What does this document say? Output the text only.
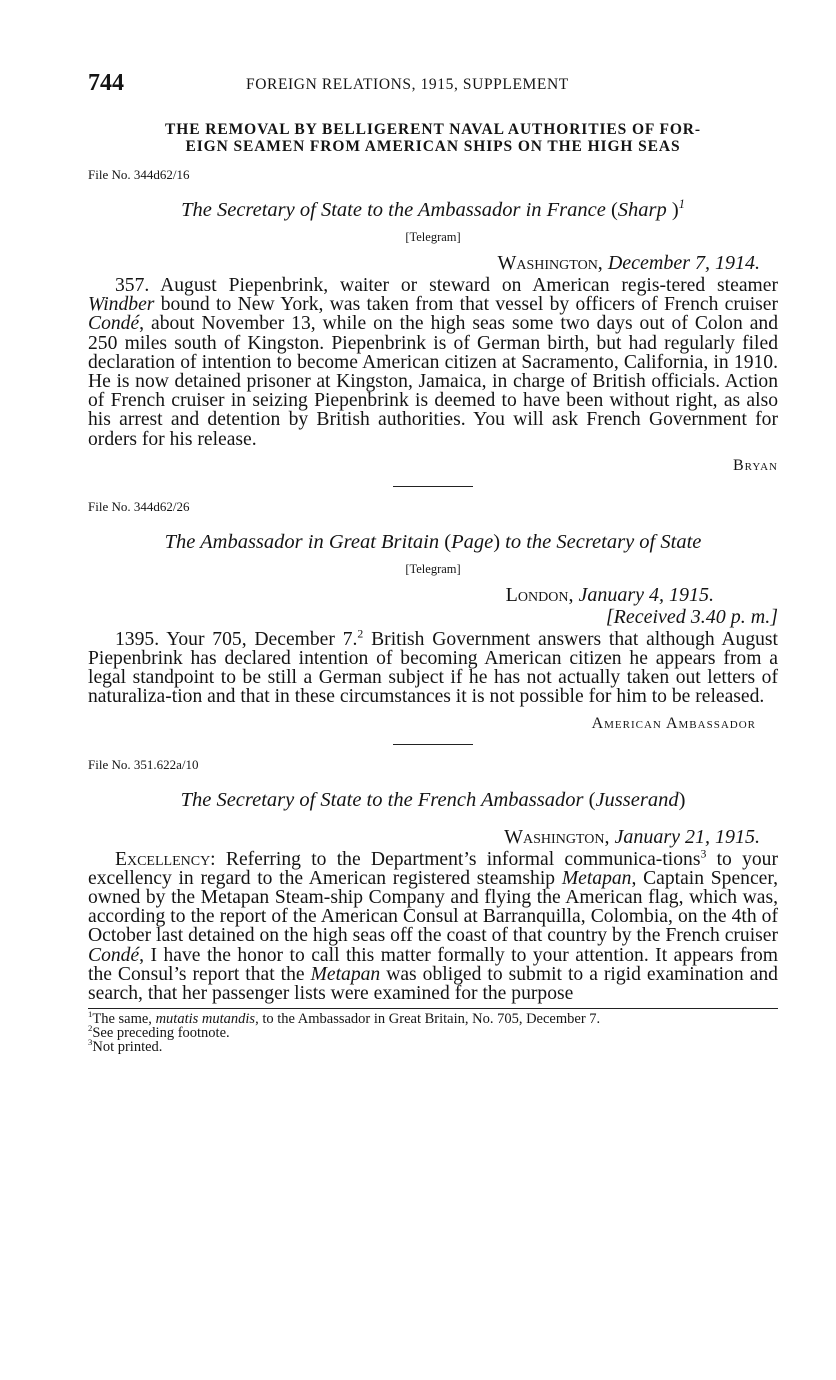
744	FOREIGN RELATIONS, 1915, SUPPLEMENT
THE REMOVAL BY BELLIGERENT NAVAL AUTHORITIES OF FOR-
EIGN SEAMEN FROM AMERICAN SHIPS ON THE HIGH SEAS
File No. 344d62/16
The Secretary of State to the Ambassador in France (Sharp )$^1$
[Telegram]
Washington, December 7, 1914.

357. August Piepenbrink, waiter or steward on American regis-tered steamer Windber bound to New York, was taken from that vessel by officers of French cruiser Condé, about November 13, while on the high seas some two days out of Colon and 250 miles south of Kingston. Piepenbrink is of German birth, but had regularly filed declaration of intention to become American citizen at Sacramento, California, in 1910. He is now detained prisoner at Kingston, Jamaica, in charge of British officials. Action of French cruiser in seizing Piepenbrink is deemed to have been without right, as also his arrest and detention by British authorities. You will ask French Government for orders for his release.

Bryan
File No. 344d62/26
The Ambassador in Great Britain (Page) to the Secretary of State
[Telegram]
London, January 4, 1915.
[Received 3.40 p. m.]

1395. Your 705, December 7.$^2$ British Government answers that although August Piepenbrink has declared intention of becoming American citizen he appears from a legal standpoint to be still a German subject if he has not actually taken out letters of naturaliza-tion and that in these circumstances it is not possible for him to be released.

American Ambassador
File No. 351.622a/10
The Secretary of State to the French Ambassador (Jusserand)
Washington, January 21, 1915.

Excellency: Referring to the Department’s informal communica-tions$^3$ to your excellency in regard to the American registered steamship Metapan, Captain Spencer, owned by the Metapan Steam-ship Company and flying the American flag, which was, according to the report of the American Consul at Barranquilla, Colombia, on the 4th of October last detained on the high seas off the coast of that country by the French cruiser Condé, I have the honor to call this matter formally to your attention. It appears from the Consul’s report that the Metapan was obliged to submit to a rigid examination and search, that her passenger lists were examined for the purpose

$^1$The same, mutatis mutandis, to the Ambassador in Great Britain, No. 705, December 7.
$^2$See preceding footnote.
$^3$Not printed.
